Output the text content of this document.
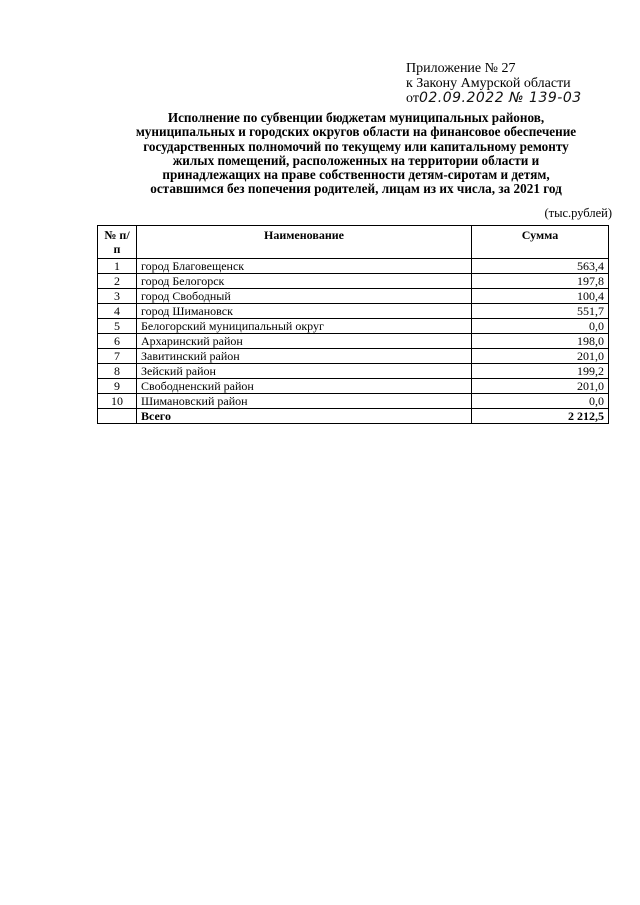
Приложение № 27
к Закону Амурской области
от02.09.2022 № 139-03
Исполнение по субвенции бюджетам муниципальных районов,
муниципальных и городских округов области на финансовое обеспечение
государственных полномочий по текущему или капитальному ремонту
жилых помещений, расположенных на территории области и
принадлежащих на праве собственности детям-сиротам и детям,
оставшимся без попечения родителей, лицам из их числа, за 2021 год
(тыс.рублей)
№ п/п	Наименование	Сумма
1	город Благовещенск	563,4
2	город Белогорск	197,8
3	город Свободный	100,4
4	город Шимановск	551,7
5	Белогорский муниципальный округ	0,0
6	Архаринский район	198,0
7	Завитинский район	201,0
8	Зейский район	199,2
9	Свободненский район	201,0
10	Шимановский район	0,0
	Всего	2 212,5
